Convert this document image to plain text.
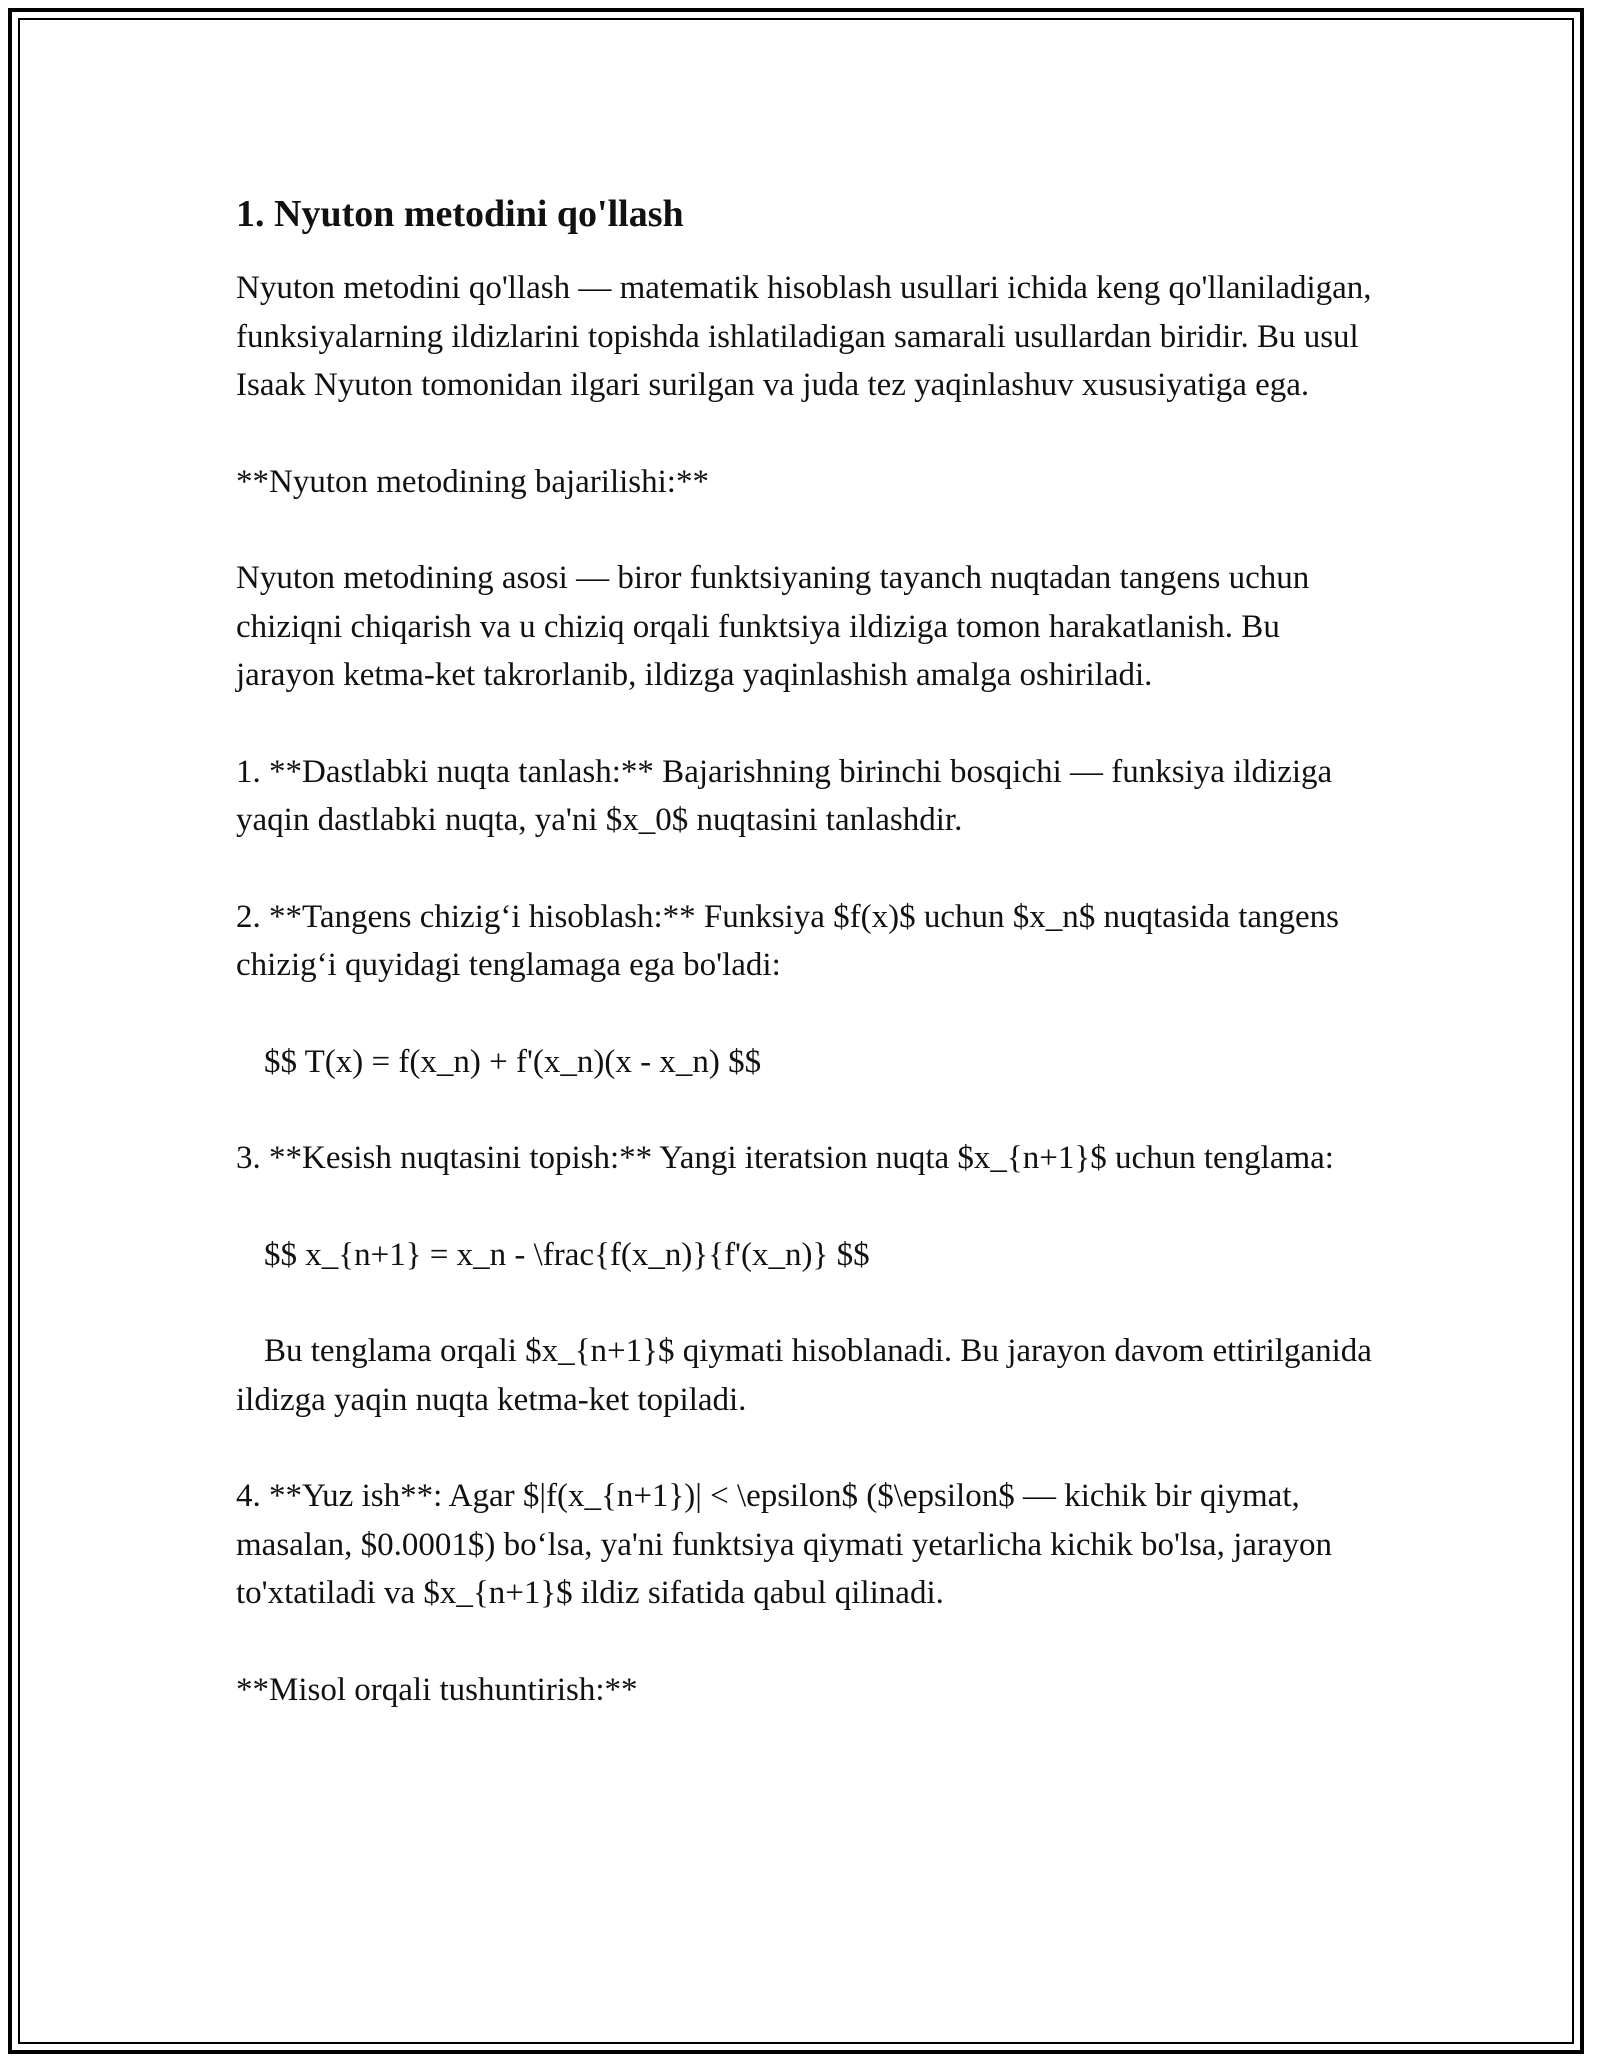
1. Nyuton metodini qo'llash

Nyuton metodini qo'llash — matematik hisoblash usullari ichida keng qo'llaniladigan, funksiyalarning ildizlarini topishda ishlatiladigan samarali usullardan biridir. Bu usul Isaak Nyuton tomonidan ilgari surilgan va juda tez yaqinlashuv xususiyatiga ega.

**Nyuton metodining bajarilishi:**

Nyuton metodining asosi — biror funktsiyaning tayanch nuqtadan tangens uchun chiziqni chiqarish va u chiziq orqali funktsiya ildiziga tomon harakatlanish. Bu jarayon ketma-ket takrorlanib, ildizga yaqinlashish amalga oshiriladi.

1. **Dastlabki nuqta tanlash:** Bajarishning birinchi bosqichi — funksiya ildiziga yaqin dastlabki nuqta, ya'ni $x_0$ nuqtasini tanlashdir.

2. **Tangens chizig‘i hisoblash:** Funksiya $f(x)$ uchun $x_n$ nuqtasida tangens chizig‘i quyidagi tenglamaga ega bo'ladi:

$$ T(x) = f(x_n) + f'(x_n)(x - x_n) $$

3. **Kesish nuqtasini topish:** Yangi iteratsion nuqta $x_{n+1}$ uchun tenglama:

$$ x_{n+1} = x_n - \frac{f(x_n)}{f'(x_n)} $$

Bu tenglama orqali $x_{n+1}$ qiymati hisoblanadi. Bu jarayon davom ettirilganida ildizga yaqin nuqta ketma-ket topiladi.

4. **Yuz ish**: Agar $|f(x_{n+1})| < \epsilon$ ($\epsilon$ — kichik bir qiymat, masalan, $0.0001$) bo‘lsa, ya'ni funktsiya qiymati yetarlicha kichik bo'lsa, jarayon to'xtatiladi va $x_{n+1}$ ildiz sifatida qabul qilinadi.

**Misol orqali tushuntirish:**
